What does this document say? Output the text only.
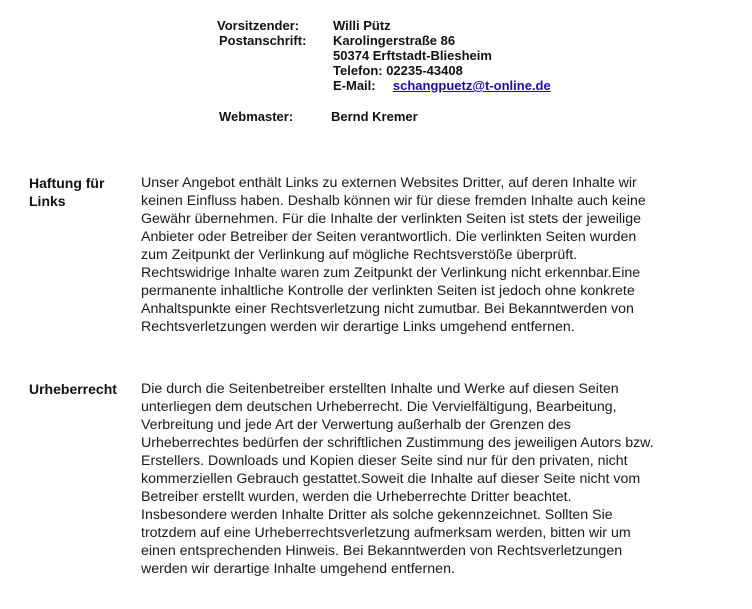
Vorsitzender:	Willi Pütz
Postanschrift: Karolingerstraße 86
50374 Erftstadt-Bliesheim
Telefon: 02235-43408
E-Mail: schangpuetz@t-online.de
Webmaster:	Bernd Kremer
Haftung für Links

Unser Angebot enthält Links zu externen Websites Dritter, auf deren Inhalte wir keinen Einfluss haben. Deshalb können wir für diese fremden Inhalte auch keine Gewähr übernehmen. Für die Inhalte der verlinkten Seiten ist stets der jeweilige Anbieter oder Betreiber der Seiten verantwortlich. Die verlinkten Seiten wurden zum Zeitpunkt der Verlinkung auf mögliche Rechtsverstöße überprüft. Rechtswidrige Inhalte waren zum Zeitpunkt der Verlinkung nicht erkennbar.Eine permanente inhaltliche Kontrolle der verlinkten Seiten ist jedoch ohne konkrete Anhaltspunkte einer Rechtsverletzung nicht zumutbar. Bei Bekanntwerden von Rechtsverletzungen werden wir derartige Links umgehend entfernen.

Urheberrecht	Die durch die Seitenbetreiber erstellten Inhalte und Werke auf diesen Seiten unterliegen dem deutschen Urheberrecht. Die Vervielfältigung, Bearbeitung, Verbreitung und jede Art der Verwertung außerhalb der Grenzen des Urheberrechtes bedürfen der schriftlichen Zustimmung des jeweiligen Autors bzw. Erstellers. Downloads und Kopien dieser Seite sind nur für den privaten, nicht kommerziellen Gebrauch gestattet.Soweit die Inhalte auf dieser Seite nicht vom Betreiber erstellt wurden, werden die Urheberrechte Dritter beachtet. Insbesondere werden Inhalte Dritter als solche gekennzeichnet. Sollten Sie trotzdem auf eine Urheberrechtsverletzung aufmerksam werden, bitten wir um einen entsprechenden Hinweis. Bei Bekanntwerden von Rechtsverletzungen werden wir derartige Inhalte umgehend entfernen.
